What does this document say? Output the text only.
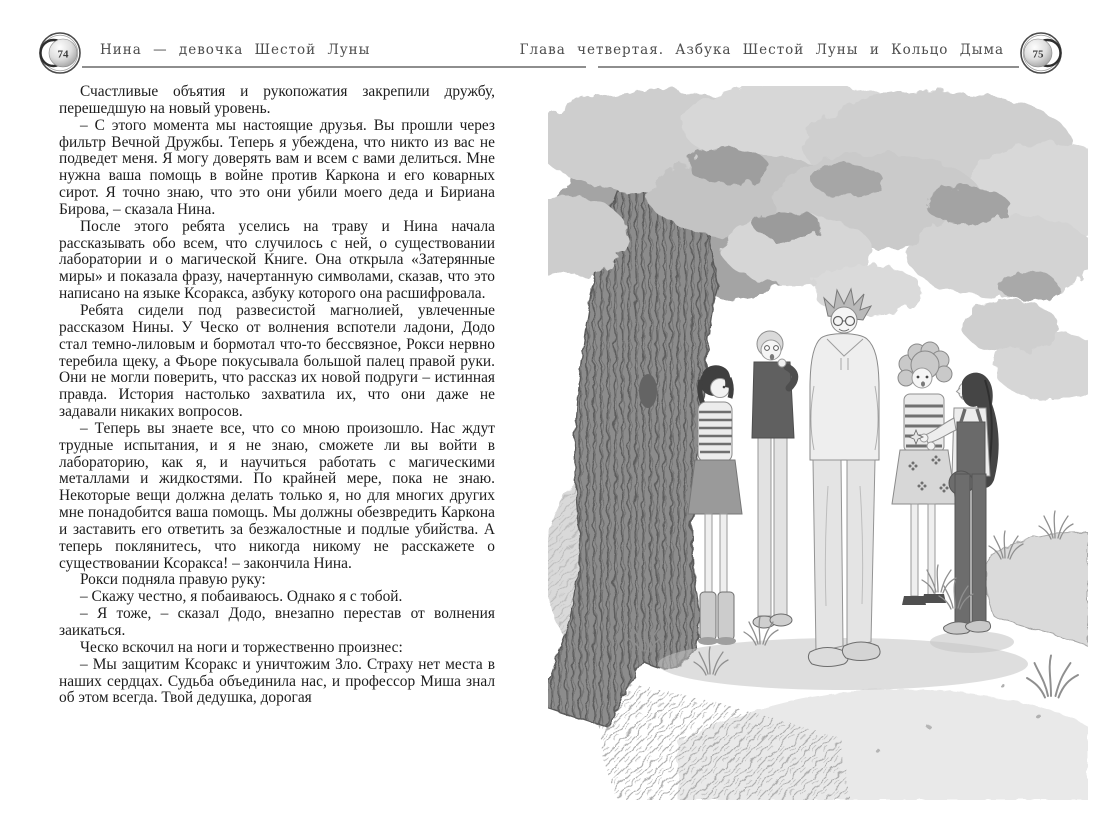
74 Нина — девочка Шестой Луны	Глава четвертая. Азбука Шестой Луны и Кольцо Дыма	75

Счастливые объятия и рукопожатия закрепили дружбу, перешедшую на новый уровень.

– С этого момента мы настоящие друзья. Вы прошли через фильтр Вечной Дружбы. Теперь я убеждена, что никто из вас не подведет меня. Я могу доверять вам и всем с вами делиться. Мне нужна ваша помощь в войне против Каркона и его коварных сирот. Я точно знаю, что это они убили моего деда и Бириана Бирова, – сказала Нина.

После этого ребята уселись на траву и Нина начала рассказывать обо всем, что случилось с ней, о существовании лаборатории и о магической Книге. Она открыла «Затерянные миры» и показала фразу, начертанную символами, сказав, что это написано на языке Ксоракса, азбуку которого она расшифровала.

Ребята сидели под развесистой магнолией, увлеченные рассказом Нины. У Ческо от волнения вспотели ладони, Додо стал темно-лиловым и бормотал что-то бессвязное, Рокси нервно теребила щеку, а Фьоре покусывала большой палец правой руки. Они не могли поверить, что рассказ их новой подруги – истинная правда. История настолько захватила их, что они даже не задавали никаких вопросов.

– Теперь вы знаете все, что со мною произошло. Нас ждут трудные испытания, и я не знаю, сможете ли вы войти в лабораторию, как я, и научиться работать с магическими металлами и жидкостями. По крайней мере, пока не знаю. Некоторые вещи должна делать только я, но для многих других мне понадобится ваша помощь. Мы должны обезвредить Каркона и заставить его ответить за безжалостные и подлые убийства. А теперь поклянитесь, что никогда никому не расскажете о существовании Ксоракса! – закончила Нина.

Рокси подняла правую руку:

– Скажу честно, я побаиваюсь. Однако я с тобой.

– Я тоже, – сказал Додо, внезапно перестав от волнения заикаться.

Ческо вскочил на ноги и торжественно произнес:

– Мы защитим Ксоракс и уничтожим Зло. Страху нет места в наших сердцах. Судьба объединила нас, и профессор Миша знал об этом всегда. Твой дедушка, дорогая
